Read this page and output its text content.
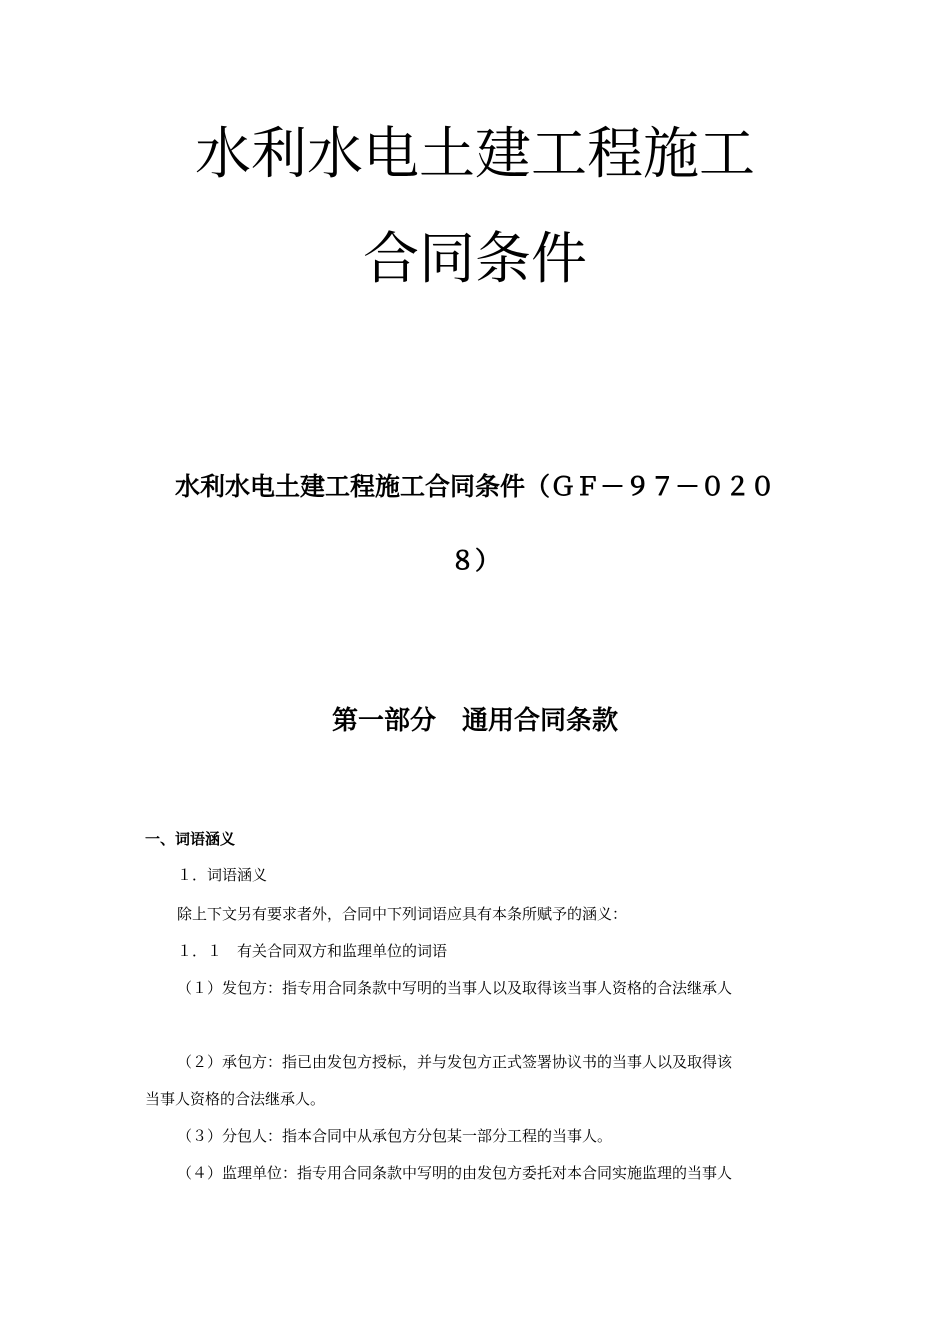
水利水电土建工程施工
合同条件
水利水电土建工程施工合同条件（ＧＦ－９７－０２０
８）
第一部分　通用合同条款
一、词语涵义
１．词语涵义
除上下文另有要求者外，合同中下列词语应具有本条所赋予的涵义：
１．１　有关合同双方和监理单位的词语
（１）发包方：指专用合同条款中写明的当事人以及取得该当事人资格的合法继承人
（２）承包方：指已由发包方授标，并与发包方正式签署协议书的当事人以及取得该
当事人资格的合法继承人。
（３）分包人：指本合同中从承包方分包某一部分工程的当事人。
（４）监理单位：指专用合同条款中写明的由发包方委托对本合同实施监理的当事人
